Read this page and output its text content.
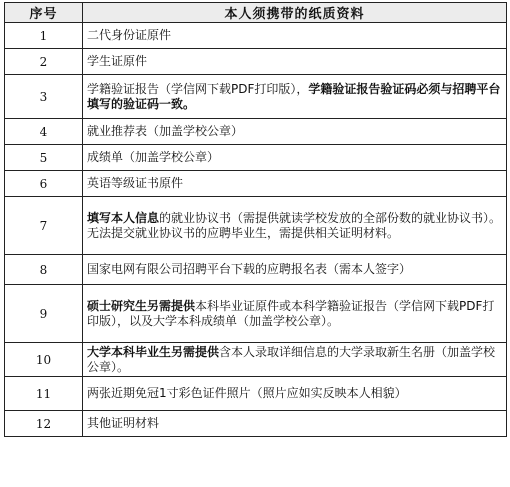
序号	本人须携带的纸质资料
1	二代身份证原件

2	学生证原件

3	学籍验证报告（学信网下载PDF打印版），学籍验证报告验证码必须与招聘平台填写的验证码一致。

4	就业推荐表（加盖学校公章）

5	成绩单（加盖学校公章）

6	英语等级证书原件

7	填写本人信息的就业协议书（需提供就读学校发放的全部份数的就业协议书）。
无法提交就业协议书的应聘毕业生，需提供相关证明材料。

8	国家电网有限公司招聘平台下载的应聘报名表（需本人签字）

9	硕士研究生另需提供本科毕业证原件或本科学籍验证报告（学信网下载PDF打印版），以及大学本科成绩单（加盖学校公章）。

10	大学本科毕业生另需提供含本人录取详细信息的大学录取新生名册（加盖学校公章）。

11	两张近期免冠1寸彩色证件照片（照片应如实反映本人相貌）

12	其他证明材料
